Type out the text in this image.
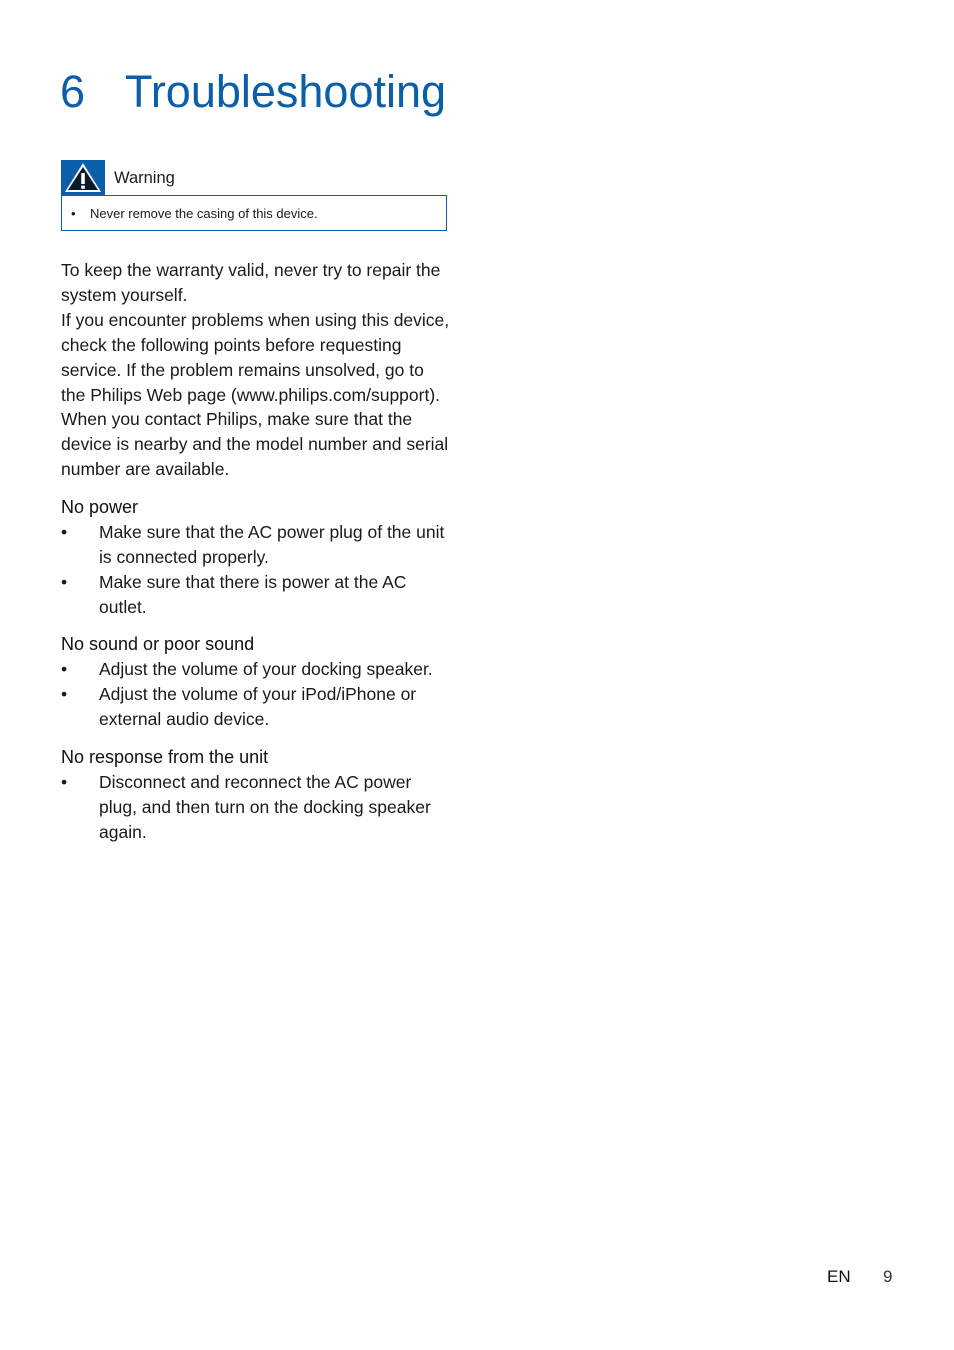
6 Troubleshooting
Warning
• Never remove the casing of this device.
To keep the warranty valid, never try to repair the system yourself.
If you encounter problems when using this device, check the following points before requesting service. If the problem remains unsolved, go to the Philips Web page (www.philips.com/support). When you contact Philips, make sure that the device is nearby and the model number and serial number are available.
No power
• Make sure that the AC power plug of the unit is connected properly.
• Make sure that there is power at the AC outlet.
No sound or poor sound
• Adjust the volume of your docking speaker.
• Adjust the volume of your iPod/iPhone or external audio device.
No response from the unit
• Disconnect and reconnect the AC power plug, and then turn on the docking speaker again.
EN 9
